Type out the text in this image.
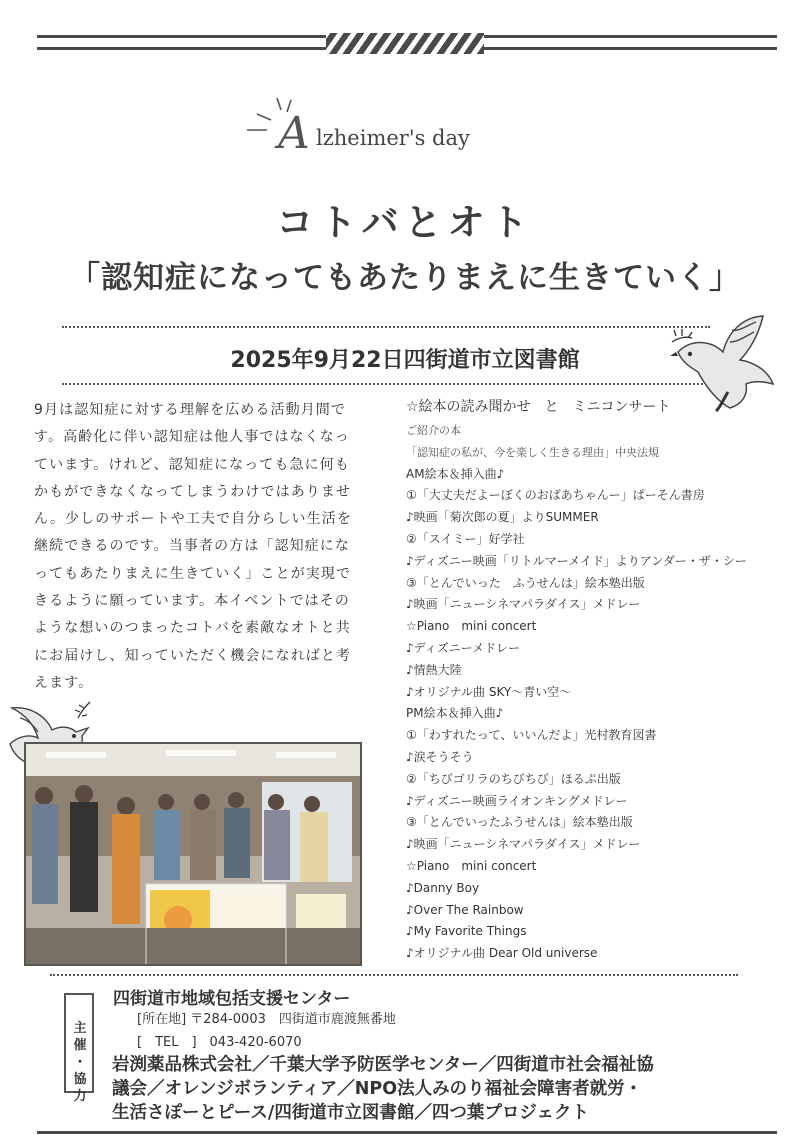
A lzheimer's day
コトバとオト
「認知症になってもあたりまえに生きていく」
2025年9月22日四街道市立図書館

9月は認知症に対する理解を広める活動月間で

す。高齢化に伴い認知症は他人事ではなくなっ

ています。けれど、認知症になっても急に何も

かもができなくなってしまうわけではありませ

ん。少しのサポートや工夫で自分らしい生活を

継続できるのです。当事者の方は「認知症にな

ってもあたりまえに生きていく」ことが実現で

きるように願っています。本イベントではその

ような想いのつまったコトバを素敵なオトと共

にお届けし、知っていただく機会になればと考

えます。

☆絵本の読み聞かせ　と　ミニコンサート
ご紹介の本
「認知症の私が、今を楽しく生きる理由」中央法規
AM絵本＆挿入曲♪
①「大丈夫だよーぼくのおばあちゃんー」ぱーそん書房
♪映画「菊次郎の夏」よりSUMMER
②「スイミー」好学社
♪ディズニー映画「リトルマーメイド」よりアンダー・ザ・シー
③「とんでいった　ふうせんは」絵本塾出版
♪映画「ニューシネマパラダイス」メドレー
☆Piano　mini concert
♪ディズニーメドレー
♪情熱大陸
♪オリジナル曲 SKY〜青い空〜
PM絵本＆挿入曲♪
①「わすれたって、いいんだよ」光村教育図書
♪涙そうそう
②「ちびゴリラのちびちび」ほるぷ出版
♪ディズニー映画ライオンキングメドレー
③「とんでいったふうせんは」絵本塾出版
♪映画「ニューシネマパラダイス」メドレー
☆Piano　mini concert
♪Danny Boy
♪Over The Rainbow
♪My Favorite Things
♪オリジナル曲 Dear Old universe
主
催
・
協
力
四街道市地域包括支援センター
[所在地] 〒284-0003　四街道市鹿渡無番地
[　TEL　]　043-420-6070
岩渕薬品株式会社／千葉大学予防医学センター／四街道市社会福祉協
議会／オレンジボランティア／NPO法人みのり福祉会障害者就労・
生活さぽーとピース/四街道市立図書館／四つ葉プロジェクト
